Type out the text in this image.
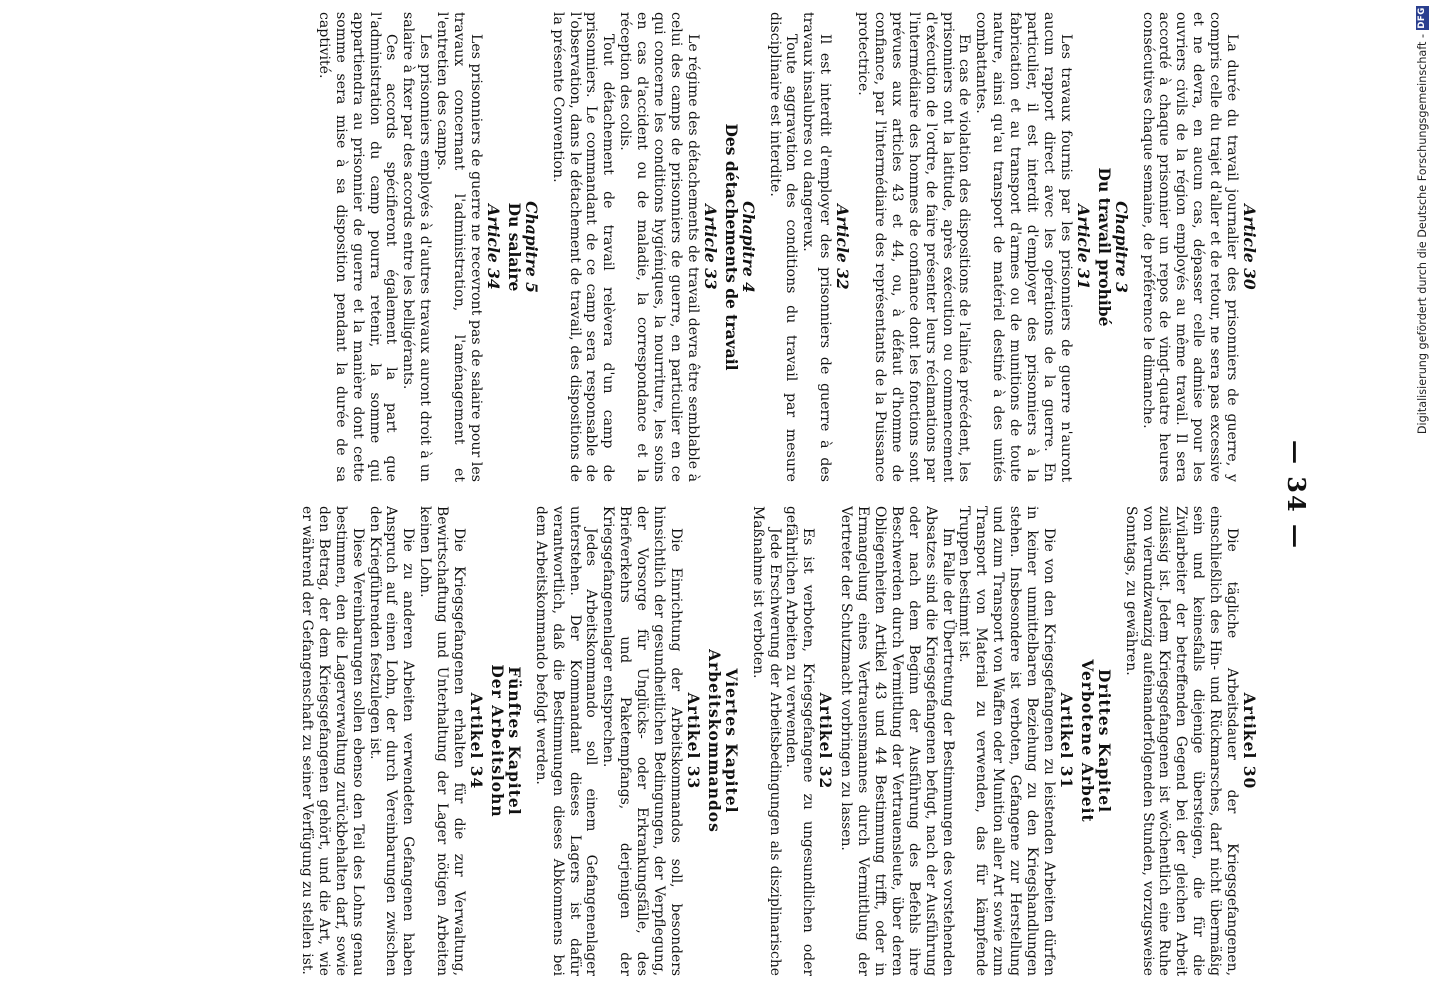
— 34 —
Article 30

La durée du travail journalier des prisonniers de guerre, y compris celle du trajet d'aller et de retour, ne sera pas excessive et ne devra, en aucun cas, dépasser celle admise pour les ouvriers civils de la région employés au même travail. Il sera accordé à chaque prisonnier un repos de vingt-quatre heures consécutives chaque semaine, de préférence le dimanche.

Chapitre 3
Du travail prohibé
Article 31

Les travaux fournis par les prisonniers de guerre n'auront aucun rapport direct avec les opérations de la guerre. En particulier, il est interdit d'employer des prisonniers à la fabrication et au transport d'armes ou de munitions de toute nature, ainsi qu'au transport de matériel destiné à des unités combattantes.

En cas de violation des dispositions de l'alinéa précédent, les prisonniers ont la latitude, après exécution ou commencement d'exécution de l'ordre, de faire présenter leurs réclamations par l'intermédiaire des hommes de confiance dont les fonctions sont prévues aux articles 43 et 44, ou, à défaut d'homme de confiance, par l'intermédiaire des représentants de la Puissance protectrice.

Article 32

Il est interdit d'employer des prisonniers de guerre à des travaux insalubres ou dangereux.

Toute aggravation des conditions du travail par mesure disciplinaire est interdite.

Chapitre 4
Des détachements de travail
Article 33

Le régime des détachements de travail devra être semblable à celui des camps de prisonniers de guerre, en particulier en ce qui concerne les conditions hygiéniques, la nourriture, les soins en cas d'accident ou de maladie, la correspondance et la réception des colis.

Tout détachement de travail relèvera d'un camp de prisonniers. Le commandant de ce camp sera responsable de l'observation, dans le détachement de travail, des dispositions de la présente Convention.

Chapitre 5
Du salaire
Article 34

Les prisonniers de guerre ne recevront pas de salaire pour les travaux concernant l'administration, l'aménagement et l'entretien des camps.

Les prisonniers employés à d'autres travaux auront droit à un salaire à fixer par des accords entre les belligérants.

Ces accords spécifieront également la part que l'administration du camp pourra retenir, la somme qui appartiendra au prisonnier de guerre et la manière dont cette somme sera mise à sa disposition pendant la durée de sa captivité.

Artikel 30

Die tägliche Arbeitsdauer der Kriegsgefangenen, einschließlich des Hin- und Rückmarsches, darf nicht übermäßig sein und keinesfalls diejenige übersteigen, die für die Zivilarbeiter der betreffenden Gegend bei der gleichen Arbeit zulässig ist. Jedem Kriegsgefangenen ist wöchentlich eine Ruhe von vierundzwanzig aufeinanderfolgenden Stunden, vorzugsweise Sonntags, zu gewähren.

Drittes Kapitel
Verbotene Arbeit
Artikel 31

Die von den Kriegsgefangenen zu leistenden Arbeiten dürfen in keiner unmittelbaren Beziehung zu den Kriegshandlungen stehen. Insbesondere ist verboten, Gefangene zur Herstellung und zum Transport von Waffen oder Munition aller Art sowie zum Transport von Material zu verwenden, das für kämpfende Truppen bestimmt ist.

Im Falle der Übertretung der Bestimmungen des vorstehenden Absatzes sind die Kriegsgefangenen befugt, nach der Ausführung oder nach dem Beginn der Ausführung des Befehls ihre Beschwerden durch Vermittlung der Vertrauensleute, über deren Obliegenheiten Artikel 43 und 44 Bestimmung trifft, oder in Ermangelung eines Vertrauensmannes durch Vermittlung der Vertreter der Schutzmacht vorbringen zu lassen.

Artikel 32

Es ist verboten, Kriegsgefangene zu ungesundlichen oder gefährlichen Arbeiten zu verwenden.

Jede Erschwerung der Arbeitsbedingungen als disziplinarische Maßnahme ist verboten.

Viertes Kapitel
Arbeitskommandos
Artikel 33

Die Einrichtung der Arbeitskommandos soll, besonders hinsichtlich der gesundheitlichen Bedingungen, der Verpflegung, der Vorsorge für Unglücks- oder Erkrankungsfälle, des Briefverkehrs und Paketempfangs, derjenigen der Kriegsgefangenenlager entsprechen.

Jedes Arbeitskommando soll einem Gefangenenlager unterstehen. Der Kommandant dieses Lagers ist dafür verantwortlich, daß die Bestimmungen dieses Abkommens bei dem Arbeitskommando befolgt werden.

Fünftes Kapitel
Der Arbeitslohn
Artikel 34

Die Kriegsgefangenen erhalten für die zur Verwaltung, Bewirtschaftung und Unterhaltung der Lager nötigen Arbeiten keinen Lohn.

Die zu anderen Arbeiten verwendeten Gefangenen haben Anspruch auf einen Lohn, der durch Vereinbarungen zwischen den Kriegführenden festzulegen ist.

Diese Vereinbarungen sollen ebenso den Teil des Lohns genau bestimmen, den die Lagerverwaltung zurückbehalten darf, sowie den Betrag, der dem Kriegsgefangenen gehört, und die Art, wie er während der Gefangenschaft zu seiner Verfügung zu stellen ist.

Digitalisierung gefördert durch die Deutsche Forschungsgemeinschaft -
DFG
